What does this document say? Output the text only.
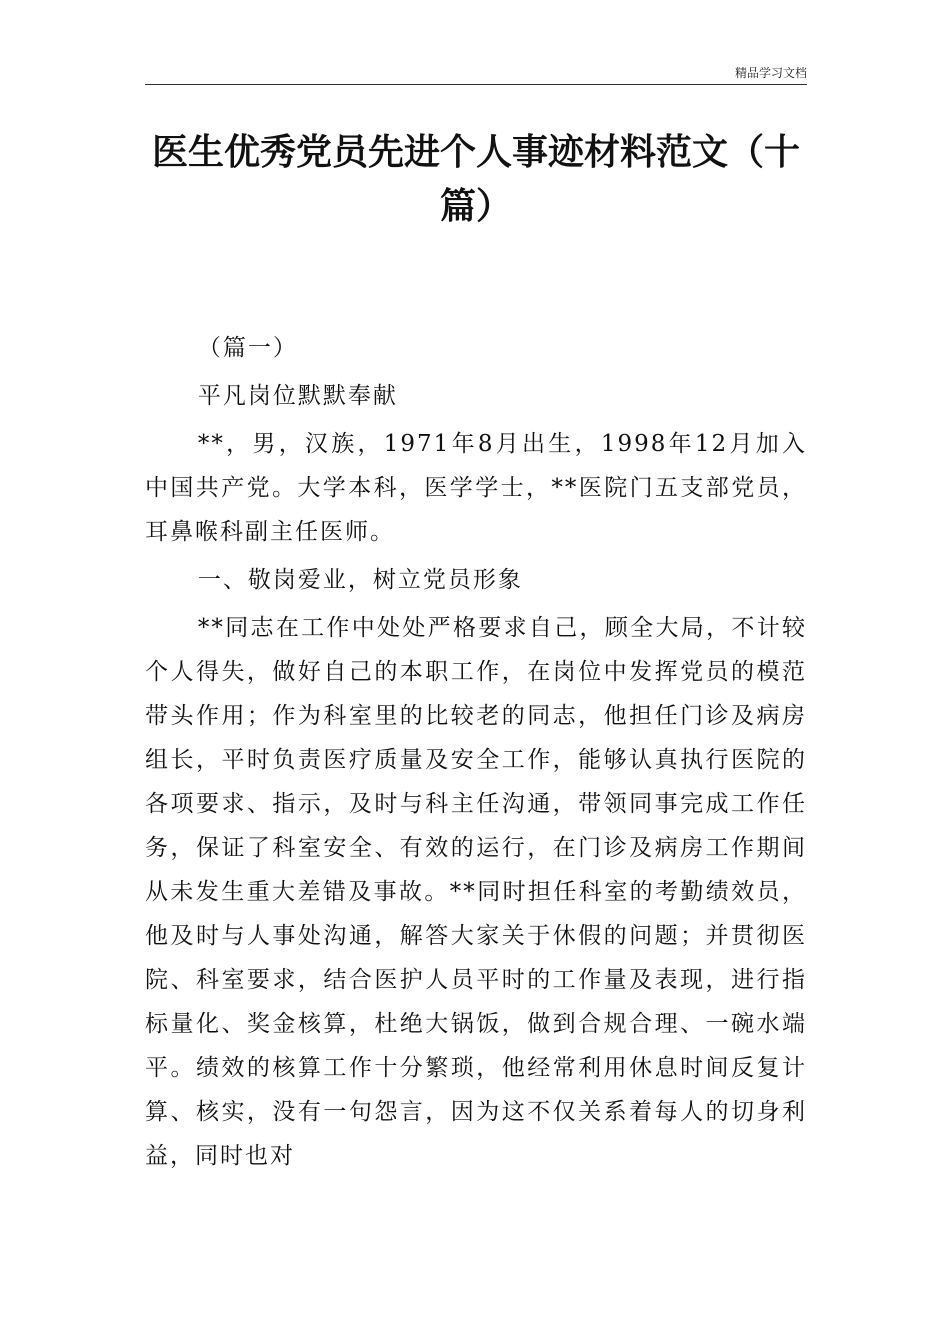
精品学习文档
医生优秀党员先进个人事迹材料范文（十篇）

（篇一）

平凡岗位默默奉献

**，男，汉族，1971年8月出生，1998年12月加入中国共产党。大学本科，医学学士，**医院门五支部党员，耳鼻喉科副主任医师。

一、敬岗爱业，树立党员形象

**同志在工作中处处严格要求自己，顾全大局，不计较个人得失，做好自己的本职工作，在岗位中发挥党员的模范带头作用；作为科室里的比较老的同志，他担任门诊及病房组长，平时负责医疗质量及安全工作，能够认真执行医院的各项要求、指示，及时与科主任沟通，带领同事完成工作任务，保证了科室安全、有效的运行，在门诊及病房工作期间从未发生重大差错及事故。**同时担任科室的考勤绩效员，他及时与人事处沟通，解答大家关于休假的问题；并贯彻医院、科室要求，结合医护人员平时的工作量及表现，进行指标量化、奖金核算，杜绝大锅饭，做到合规合理、一碗水端平。绩效的核算工作十分繁琐，他经常利用休息时间反复计算、核实，没有一句怨言，因为这不仅关系着每人的切身利益，同时也对
